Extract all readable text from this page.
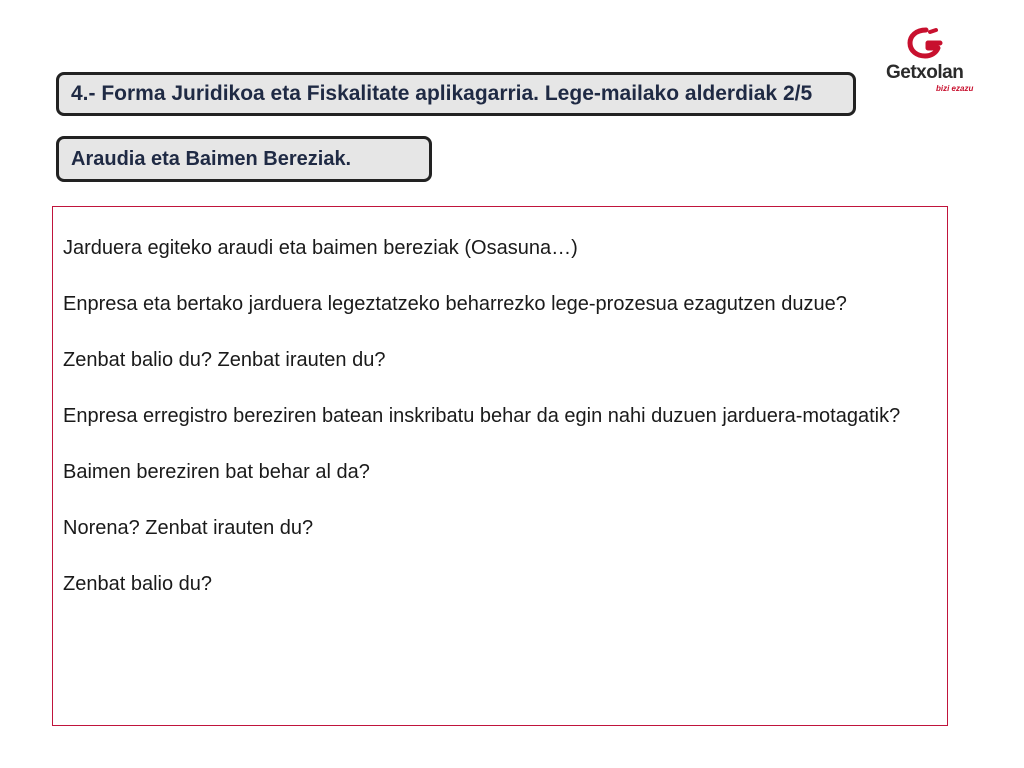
4.- Forma Juridikoa eta Fiskalitate aplikagarria. Lege-mailako alderdiak 2/5
Araudia eta Baimen Bereziak.
Getxolan
bizi ezazu

Jarduera egiteko araudi eta baimen bereziak (Osasuna…)

Enpresa eta bertako jarduera legeztatzeko beharrezko lege-prozesua ezagutzen duzue?

Zenbat balio du? Zenbat irauten du?

Enpresa erregistro bereziren batean inskribatu behar da egin nahi duzuen jarduera-motagatik?

Baimen bereziren bat behar al da?

Norena? Zenbat irauten du?

Zenbat balio du?
